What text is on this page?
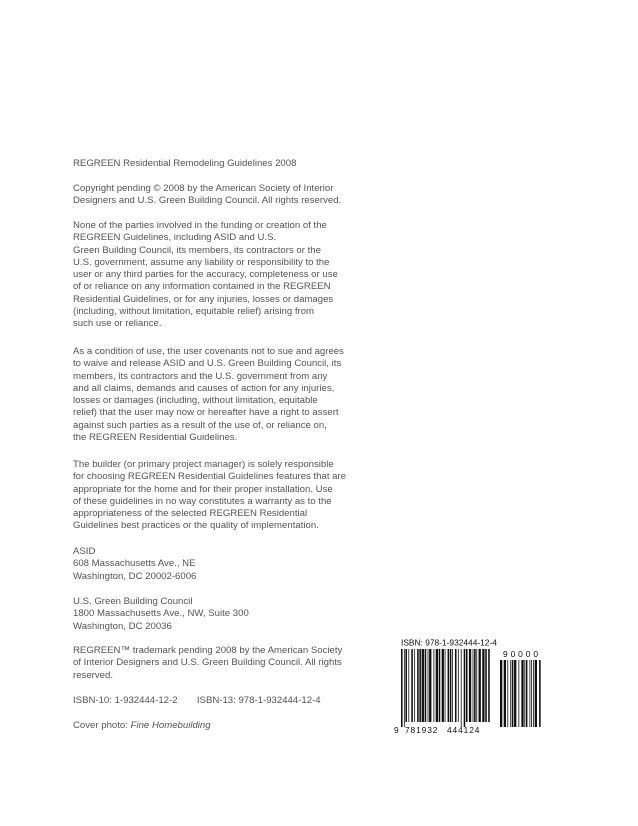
REGREEN Residential Remodeling Guidelines 2008

Copyright pending © 2008 by the American Society of Interior
Designers and U.S. Green Building Council. All rights reserved.

None of the parties involved in the funding or creation of the
REGREEN Guidelines, including ASID and U.S.
Green Building Council, its members, its contractors or the
U.S. government, assume any liability or responsibility to the
user or any third parties for the accuracy, completeness or use
of or reliance on any information contained in the REGREEN
Residential Guidelines, or for any injuries, losses or damages
(including, without limitation, equitable relief) arising from
such use or reliance.

As a condition of use, the user covenants not to sue and agrees
to waive and release ASID and U.S. Green Building Council, its
members, its contractors and the U.S. government from any
and all claims, demands and causes of action for any injuries,
losses or damages (including, without limitation, equitable
relief) that the user may now or hereafter have a right to assert
against such parties as a result of the use of, or reliance on,
the REGREEN Residential Guidelines.

The builder (or primary project manager) is solely responsible
for choosing REGREEN Residential Guidelines features that are
appropriate for the home and for their proper installation. Use
of these guidelines in no way constitutes a warranty as to the
appropriateness of the selected REGREEN Residential
Guidelines best practices or the quality of implementation.

ASID
608 Massachusetts Ave., NE
Washington, DC 20002-6006

U.S. Green Building Council
1800 Massachusetts Ave., NW, Suite 300
Washington, DC 20036

REGREEN™ trademark pending 2008 by the American Society
of Interior Designers and U.S. Green Building Council. All rights
reserved.

ISBN-10: 1-932444-12-2 ISBN-13: 978-1-932444-12-4
Cover photo: Fine Homebuilding
ISBN: 978-1-932444-12-4
9 0 0 0 0
9 781932 444124
